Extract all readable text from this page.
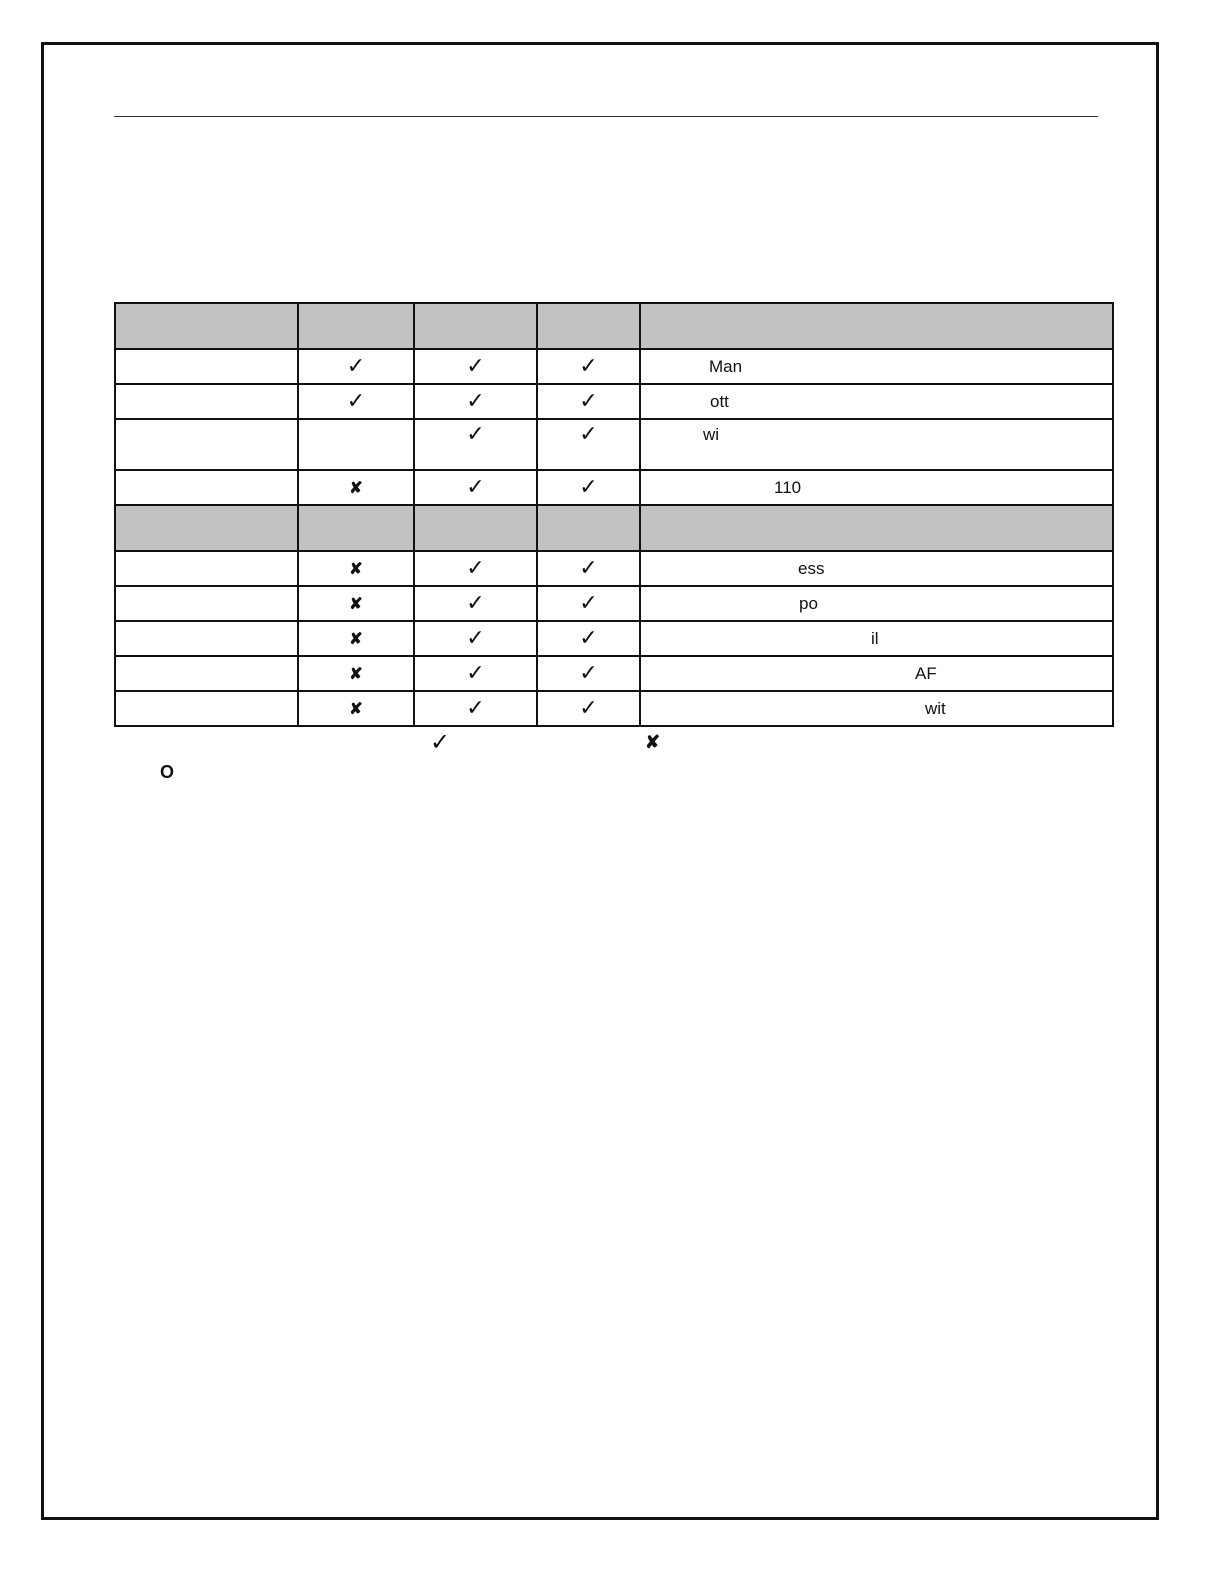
	✓	✓	✓	Man
	✓	✓	✓	ott
		✓	✓	wi
	✘	✓	✓	110

	✘	✓	✓	ess
	✘	✓	✓	po
	✘	✓	✓	il
	✘	✓	✓	AF
	✘	✓	✓	wit
✓	✘
O
